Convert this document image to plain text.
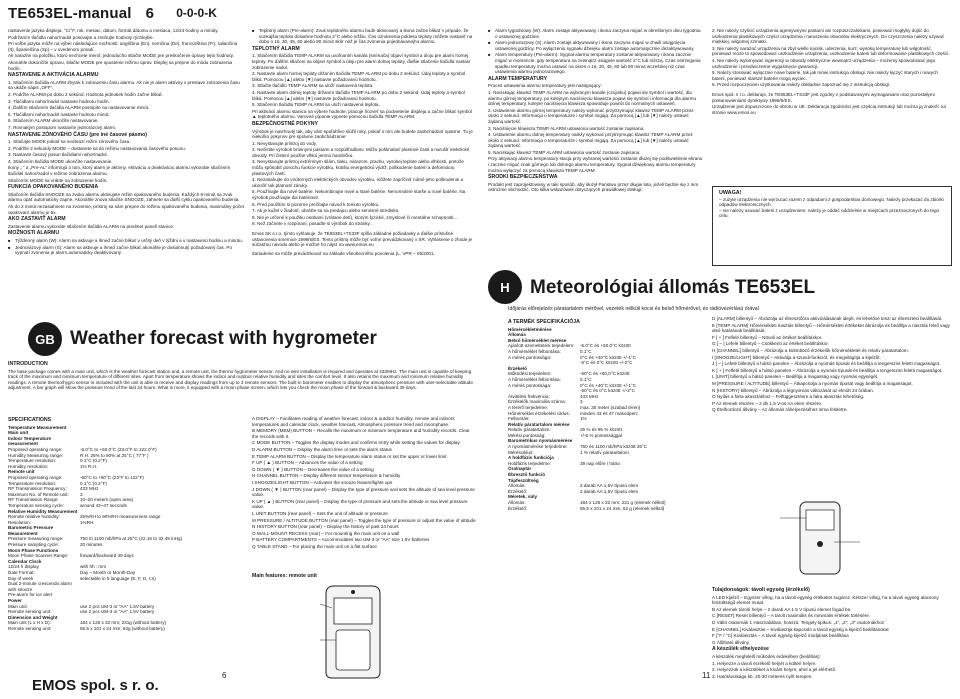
TE653EL-manual 6 0-0-0-K

nastavenie jazyka displeja, °C/°F, rok, mesiac, dátum, formát dátumu a mesiaca, 12/24 hodiny a minúty.

Podržaním tlačidla nahor/nadol posúvajte a zmiňujte hodnoty rýchlejšie.

Pri voľbe jazyka môže na výber následujúce možnosti: angličtina (En), nemčina (De), francúzština (Fr), taliančina (It), španielčina (Sp) – v uvedenom poradí.

Ak narazíte na položku, ktorú nechcete meniť, jednoducho stlačte MODE pre preskočenie úpravy tejto hodnoty.

Akonáhle dokončíte úpravu, stlačte MODE pre opustenie režimu úprav. Displej sa prepne do módu zobrazenia hodín.

NASTAVENIE A AKTIVÁCIA ALARMU

1. Stlačením tlačidla ALARM zbytok k zobrazeniu času alarmu. Ak nie je alarm aktívny v prestave zobrazenia času sa ukáže nápis „OFF“.

2. Podržte ALARM po dobu 2 sekúnd. Hodnota jednotiek hodín začne blikať.

3. Tlačidlami nahor/nadol nastavte hodnotu hodín.

4. Ďalším stlačením tlačidla ALARM postúpite na nastavovanie minút.

5. Tlačidlami nahor/nadol nastavte hodnotu minút.

6. Stlačením ALARM ukončíte nastavovanie.

7. Rovnakým postupom nastavíte jednorázový alarm.

NASTAVENIE ZÓNOVÉHO ČASU (pre iné časové pásmo)

1. Stlačajte MODE pokiaľ sa neobrazí režim zónového času.

2. Podržte 2 sekundy MODE – dostanete sa do režimu nastavovania časového posunu.

3. Nastavte časový posun tlačidlami nahor/nadol.

4. Stlačením tlačidla MODE ukončíte nastavovanie.

Ikony „ “ a „Pre-AL“ informujú o tom, ktorý alarm je aktívny. Aktiváciu a deaktiváciu alarmu vykonáte stlačením tlačidiel nahor/nadol v režime zobrazenia alarmu.

Stlačením MODE sa vrátite na zobrazenie hodín.

FUNKCIA OPAKOVANÉHO BUDENIA

Stlačením tlačidla SNOOZE sa zvuku alarmu aktivujete režim opakovaného budenia. Každých 8 minút sa zvuk alarmu opäť automaticky zapne. Akonáhle znova stlačíte SNOOZE, zahnete sa ďalší cyklu opakovaného budenia.

Ak do 2 minút nezasiahnete na zvonenie, prístroj sa sám prepne do režimu opakovaného budenia, maximálny počet opakovaní alarmu je 6x.

AKO ZASTAVIŤ ALARM

Zastavenie alarmu vykonáte stlačením tlačidla ALARM na predmet panelí stanice.

MOŽNOSTI ALARMU

■ Týždenný alarm (W): Alarm sa aktivuje a ihneď začne blikať v určitý deň v týždni a v nastavenú hodinu a minútu.

■ Jednorázový alarm (S): Alarm sa aktivuje a ihneď začne blikať akonáhle je dosiahnutý požadovaný čas. Po vypnutí zvonenia je alarm automaticky deaktivovaný.

■ Teplotný alarm (Pre-alarm): Zvuk teplotného alarmu bude aktivovaný a ikona začne blikať v prípade, že vonkajšia teplota dosiahne hodnotu 2°C alebo nižšiu. Čas oznámenia poklesu teploty môžete nastaviť na dobu o 15, 30, 45, 60 alebo 90 minút skôr než je čas zvonenia pojednávanejho alarmu.

TEPLOTNÝ ALARM

1. Stlačením tlačidla TEMP ALARM sa uvoľnaním kanála (snímača) objaví symbol a úloju pre alarm hornej teploty. Po ďalším stlačení sa objaví symbol a úloju pre alarm dolnej teploty, ďalšie stlačenie tlačidla nastaví zobrazenie nadol.

2. Nastavte alarm hornej teploty držaním tlačidla TEMP ALARM po dobu 2 sekúnd. Údaj teploty a symbol bliká. Pomocou [▲] alebo [▼] nastavte požadovanú hodnotu.

3. Stlačte tlačidlo TEMP ALARM sa uloží nastavená teplota.

4. Nastavte alarm dolnej teploty držaním tlačidla TEMP ALARM po dobu 2 sekúnd. Údaj teploty a symbol bliká. Pomocou [▲] alebo [▼] nastavte požadovanú hodnotu.

5. Stlačením tlačidla TEMP ALARM sa uloží nastavená teplota.

Pri aktivácii alarmu stanica na výbere hodnote, pracuje ňozveť sa podvietenie displeja a začne blikať symbol ▲ teplotného alarmu. Varovné pípanie vypnete pomocou tlačidla TEMP ALARM.

BEZPEČNOSTNÉ POKYNY

Výrobok je navrhnutý tak, aby vám spoľahlivo slúžil roky, pokiaľ s ním ale budete zaobchádzať opatrne. Tu je niekoľko pokynov pre správne zaobchádzanie:

1. Nevystavujte prístroj do vody.

2. Nečistite výrobok brúsnymi pastami a rozpúšťadlami. Môžu poškriabať plastové časti a narušiť elektrické obvody. Pri čistení použite vlhkú jemnú handričku.

3. Nevystavujte prístroj extrémnym silám, tlaku, nárazom, prachu, vysokej teplote alebo vlhkosti, pretože môžu spôsobiť poruchu funkcie výrobku, kratšiu energetickú výdrž, poškodenie batérií a deformáciu plastových častí.

4. Nezasahujte do vnútorných elektrických obvodov výrobku, môžete zapríčiniť nútné jeho poškodenie a ukončiť tak platnosť záruky.

5. Používajte iba nové batérie. Nekombinujte nové a staré batérie. Nenormálne starše a nové batérie. Na výrobok používajte iba batériové.

6. Pred použitím si pozorne prečítajte návod k tomuto výrobku.

7. Ak je kužel v žiadosť, obráťte sa na predajcu alebo servisné stredisko.

8. Nie je určené k použitiu osobami (vrátane detí), ktorým fyzické, zmyslové či mentálne schopnosti...

9. Než začnete v rozpínaní, posadte si výrobok do stránky.

Emos SK s.r.o. týmto vyhlasuje, že TE653EL+TS33F spĺňa základné požiadavky a ďalšie príslušné ustanovenia smernice 1999/5/ES. Tento prístroj môže byť voľne prevádzkovaný v SR. Vyhlásenie o zhode je súčasťou návodu alebo je možné ho nájsť na www.emos.eu

Zariadenie sa môže prevádzkovať na základe všeobecného povolenia (L. VPR – 05/2001.

■ Alarm tygodniowy (W): Alarm zostaje aktywowany i ikona zaczyna migać w określonym dniu tygodnia o ustawionej godzinie.

■ Alarm jednorazowy (S): Alarm zostaje aktywowany i ikona zaczyna migać w chwili osiągnięcia ustawionej godziny. Po wyłączeniu sygnału dźwięku alarm zostaje automatycznie dezaktywowany.

■ Alarm temperatury (Pre-alarm): Sygnał alarmu temperatury zostanie aktywowany i ikona zacznie migać w momencie, gdy temperatura na zewnątrz osiągnie wartość 2°C lub niższą. Czas ostrzegania spadku temperatury można ustawić na okres o 15, 30, 45, 60 lub 90 minut wcześniej niż czas ustawienia alarmu jednorazowego.

ALARM TEMPERATURY

Proces ustawienia alarmu temperatury jest następujący:

1. Naciskając klawisz TEMP ALARM na wybranym kanale (czujniku) pojawi się symbol i wartość, dla alarmu górnej temperatury, po kolejnym naciśnięciu klawisza pojawi się symbol i informacja dla alarmu dolnej temperatury, kolejne naciśnięcia klawisza spowoduje powrót do normalnych ustawień.

2. Ustawienie alarmu górnej temperatury należy wykonać przytrzymując klawisz TEMP ALARM przez około 2 sekund. Informacja o temperaturze i symbol migają. Za pomocą [▲] lub [▼] należy ustawić żądaną wartość.

3. Naciśnięcie klawisza TEMP ALARM ustawiona wartość zostanie zapisana.

4. Ustawienie alarmu dolnej temperatury należy wykonać przytrzymując klawisz TEMP ALARM przez około 2 sekund. Informacja o temperaturze i symbol migają. Za pomocą [▲] lub [▼] należy ustawić żądaną wartość.

5. Naciskając klawisz TEMP ALARM ustawiona wartość zostanie zapisana.

Przy aktywacji alarmu temperatury stacja przy wybranej wartości zostanie dłużej się podświetlenie ekranu i zacznie migać znak górnego lub dolnego alarmu temperatury. Sygnał dźwiękowy alarmu temperatury można wyłączyć za pomocą klawisza TEMP ALARM.

ŚRODKI BEZPIECZEŃSTWA

Produkt jest zaprojektowany w taki sposób, aby służył Państwu przez długie lata, jeżeli będzie się z nim ostrożnie obchodzić. Oto kilka wskazówek dotyczących prawidłowej obsługi:

2. Nie należy czyścić urządzenia agresywnymi pastami ani rozpuszczalnikami, ponieważ mogłyby dojść do uszkodzenia plastikowych części urządzenia i naruszenia obwodów elektrycznych. Do czyszczenia należy używać miękkiej, wilgotnej szmatki.

3. Nie należy narażać urządzenia na zbyt wielki nacisk, uderzenia, kurz, wysoką temperaturę lub wilgotność, ponieważ może to spowodować uszkodzenie urządzenia, uszkodzenie baterii lub deformowanie plastikowych części.

4. Nie należy wykonywać ingerencji w obwody elektryczne wewnątrz urządzenia – możemy spowodować jego uszkodzenie i przedwczesne wygaśnięcie gwarancji.

5. Należy stosować wyłącznie nowe baterie, tak jak mówi instrukcja obsługi. Nie należy łączyć starych i nowych baterii, ponieważ starsze baterie mogą wyciec.

6. Przed rozpoczęciem użytkowania należy dokładnie zapoznać się z instrukcją obsługi.

Emos spol. s r.o. deklaruje, że TE653EL+TS33F jest zgodny z podstawowymi wymaganiami oraz pozostałymi postanowieniami dyrektywy 1999/5/ES.

Urządzenie jest dopuszczone do obrotu w UE. Deklaracja zgodności jest częścią instrukcji lub można ją znaleźć na stronie www.emos.eu

UWAGA!

– zużyte urządzenia nie wyrzucać razem z odpadami z gospodarstwa domowego. Należy przekazać do zbiórki odpadów elektronicznych.

– nie należy usuwać baterii z urządzeniem; należy je oddać oddzielnie w miejscach przeznaczonych do tego celu.

GB Weather forecast with hygrometer

INTRODUCTION

The base package comes with a main unit, which is the weather forecast station and, a remote unit, the thermo hygrometer sensor. And no wire installation is required and operates at 433MHz. The main unit is capable of keeping track of the maximum and minimum temperature of different sites. Apart from temperature shows the indoor and outdoor relative humidity and sites the comfort level. It also retains the maximum and minimum relative humidity readings. A remote thermo/hygro sensor is included with the unit is able to receive and display readings from up to 3 remote sensors. The built-in barometer enables to display the atmospheric pressure with user-selectable altitude adjustment. A bar graph will show the pressure trend of the last 24 hours. What is more, it equipped with a moon phase screen, which lets you check the moon phase of the forward & backward 39 days.

SPECIFICATIONS

Temperature Measurement
Main unit
Indoor Temperature measurement
Proposed operating range:	-5.0°C to +50.0°C (23.0°F to 122.0°F)
Humidity Measuring range:	R.H. 25% to 90% at 25°C ( 77°F )
Temperature resolution:	0.1°C (0.2°F)
Humidity resolution:	1% R.H.
Remote unit
Proposed operating range:	-50°C to +60°C (23°F to 122°F)
Temperature resolution:	0.1°C (0.2°F)
RF Transmission Frequency:	433 MHz
Maximum No. of Remote unit:	3
RF Transmission Range:	10–20 meters (open area)
Temperature sensing cycle:	around 43~47 seconds
Relative Humidity Measurement
Remote relative humidity:	25%RH to 90%RH measurement range
Resolution:	1%RH
Barometric Pressure Measurement
Pressure measuring range:	750 to 1100 mb/hPa at 25°C (22.15 to 32.49 inHg)
Pressure sampling cycle:	20 minutes
Moon Phase Functions
Moon Phase Scanner Range:	forward/backward 39 days
Calendar Clock
12/24 h display	with hh : mm
Date Format:	Day – Month or Month-Day
Day of week	selectable in 5 language (E, F, D, I,S)
Dual 2-minute crescendo alarm with snooze
Pre-alarm for ice alert
Power
Main unit:	use 2 pcs UM-3 or "AA" 1.5V battery
Remote sensing unit:	use 2 pcs UM-3 or "AA" 1.5V battery
Dimension and Weight
Main unit (L x H x D):	184 x 126 x 32 mm; 231g (without battery)
Remote sensing unit:	55.5 x 101 x 24 mm; 62g (without battery)

A DISPLAY – Facilitates reading of weather forecast, indoor & outdoor humidity, remote and indoors temperatures and calendar clock, weather forecast, Atmospheric pressure trend and moonphase.

B MEMORY (MEM) BUTTON – Recalls the maximum or minimum temperature and humidity records. Clear the records with it.

C MODE BUTTON – Toggles the display modes and confirms entry while setting the values for display.

D ALARM BUTTON – Display the alarm time or sets the alarm status

E TEMP ALARM BUTTON – Display the temperature alarm status or set the upper or lower limit.

F UP ( ▲ ) BUTTON – Advances the value of a setting

G DOWN ( ▼ ) BUTTON – Decreases the value of a setting

H CHANNEL BUTTON – Display different sensor temperature & humidity

I SNOOZE/LIGHT BUTTON – Activates the snooze feature/lights ups

J DOWN ( ▼ ) BUTTON (rear panel) – Display the type of pressure and sets the altitude of sea level pressure value.

K UP ( ▲ ) BUTTON (rear panel) – Display the type of pressure and sets the altitude or sea level pressure value.

L UNIT BUTTON (rear panel) – Sets the unit of altitude or pressure

M PRESSURE / ALTITUDE BUTTON (rear panel) – Toggles the type of pressure or adjust the value of altitude

N HISTORY BUTTON (rear panel) – Display the history of past 24 hours

O WALL-MOUNT RECESS (rear) – For mounting the main unit on a wall

P BATTERY COMPARTMENTS – Accommodates two UM-3 or "AA" size 1.5V batteries

Q TABLE STAND – For placing the main unit on a flat surface

Main features: remote unit

H	Meteorológiai állomás TE653EL
Időjárás előrejelzés páratartalom mérővel, vezeték nélküli kocsi és belső hőmérővel, és rádióvezérlású órával

A TERMÉK SPECIFIKÁCIÓJA

Hőmérsékletmérése
Állomás
Belső hőmérséklet mérése
Ajánlott üzemeltetési terjedelem:	-5.0°C és +50.0°C között
A hőmérséklet felbontása:	0.1°C
A mérés pontossága:	0°C és +40°C között +/-1°C
-5°C és 0°C között +/-2°C
Érzékelő
Működési terjedelem:	-50°C és +60,0°C között
A hőmérséklet felbontása:	0.1°C
A mérés pontossága:	0°C és +40°C között +/-1°C
-50°C és 0°C között +/-2°C
Átvitelési frekvencia:	433 MHz
Érzékelők maximális száma:	3
A térerő terjedelme:	max. 30 méter (szabad téren)
Hőmérséklet érzékelési ciklus:	minden 43 és 47 másodperc
Felbontás:	1%
Relatív páratartalom mérése
Relatív páratartalom:	25 % és 95 % között
Mérési pontosság:	+/-5 % pontossággal
Barometrikus nyomásmérése
A nyomásmérése terjedelme:	750 és 1100 mb/hPa között 25°C
Mérésciklus:	1 % relatív páratartalom
A holdfázis funkciója
Holdfázis terjedelme:	39 nap előre / hátra
Óra/naptár
Ébresztő funkció
Tápfeszültség
Állomás:	2 darab AA 1,5V típusú elem
Érzékelő:	2 darab AA 1,5V típusú elem
Méretek, súly
Állomás:	184 x 126 x 32 mm; 231 g (elemek nélkül)
Érzékelő:	55,5 x 101 x 24 mm; 62 g (elemek nélkül)

D [ALARM] billentyű – Ábrázolja az ébresztőóra aktivizálásának idejét, és lehetővé teszi az ébresztési beállítását.

E [TEMP ALARM] Hőmérsékleti riasztás billentyű – Hőmérsékleti értékeket ábrázolja és beállítja a riasztás felső vagy alsó határának beállítását.

F [ + ] Felfelé billentyű – Növeli az értéket beállításkor.

G [ – ] Lefelé billentyű – Csökkenti az értéket beállításkor.

H [CHANNEL] billentyű – Ábrázolja a különböző érzékelők hőmérsékletét és relatív páratartalom.

I [SNOOZE/LIGHT] billentyű – Aktiválja a szundi-funkciót, és megvilágítja a kijelzőt.

J [ – ] Lefelé billentyű a hátsó panelen – Ábrázolja a nyomás típusát és beállítja a tengerszint feletti magasságot.

K [ + ] Felfelé billentyű a hátsó panelen – Ábrázolja a nyomás típusát és beállítja a tengerszint feletti magasságot.

L [UNIT] billentyű a hátsó panelen – Beállítja a magasság vagy nyomás egységét.

M [PRESSURE / ALTITUDE] billentyű – Átkapcsolja a nyomás típusát vagy beállítja a magasságot.

N [HISTORY] billentyű – Ábrázolja a légnyomás változását az elmúlt 24 órában.

O Nyílás a falra akasztáshoz – Felfüggesztésre a falra akasztás lehetőség.

P Az elemek részére – 2 db 1,5 V-os AA elem részére.

Q Ételhordozó állvány – Az állomás ráhelyezéséhez sima felületre.

Tulajdonságok: távoli egység (érzékelő)

A LED kijelző – Egyszer villog, ha a távoli egység értékeket sugároz. Kétszer villog, ha a távoli egység alacsony feszültségű elemet mutat.

B Az elemek tároló helye – 2 darab AA 1.5 V típusú elemet fogad be.

C [RESET] Reset billentyű – A tárolt maximális és minimális értékek törlésére.

D Váltó csatornák 1 Hasznaliában, hosszú: Tengely tipikus: „1“, „2“, „3“ csatornákhoz

E [CHANNEL] Kiválasztás – Kiválasztja kapcsoló a távoli egység a kijelző beállításokat

F [°F / °C] Kiválasztás – A távoli egység kijelző módjának beállítása

G Állítható állvány

A készülék elhelyezése

A készülék megfelelő működés érdekében (beállítás):

1. Helyezze a távoli érzékelő helyét a kültéri helyre.

2. Helyezzük a készüléket a kívánt helyre, ahol a jel elérhető.

3. Hatótávolsága kb. 20-30 méteres nyílt terepen.

6	11
EMOS spol. s r. o.
